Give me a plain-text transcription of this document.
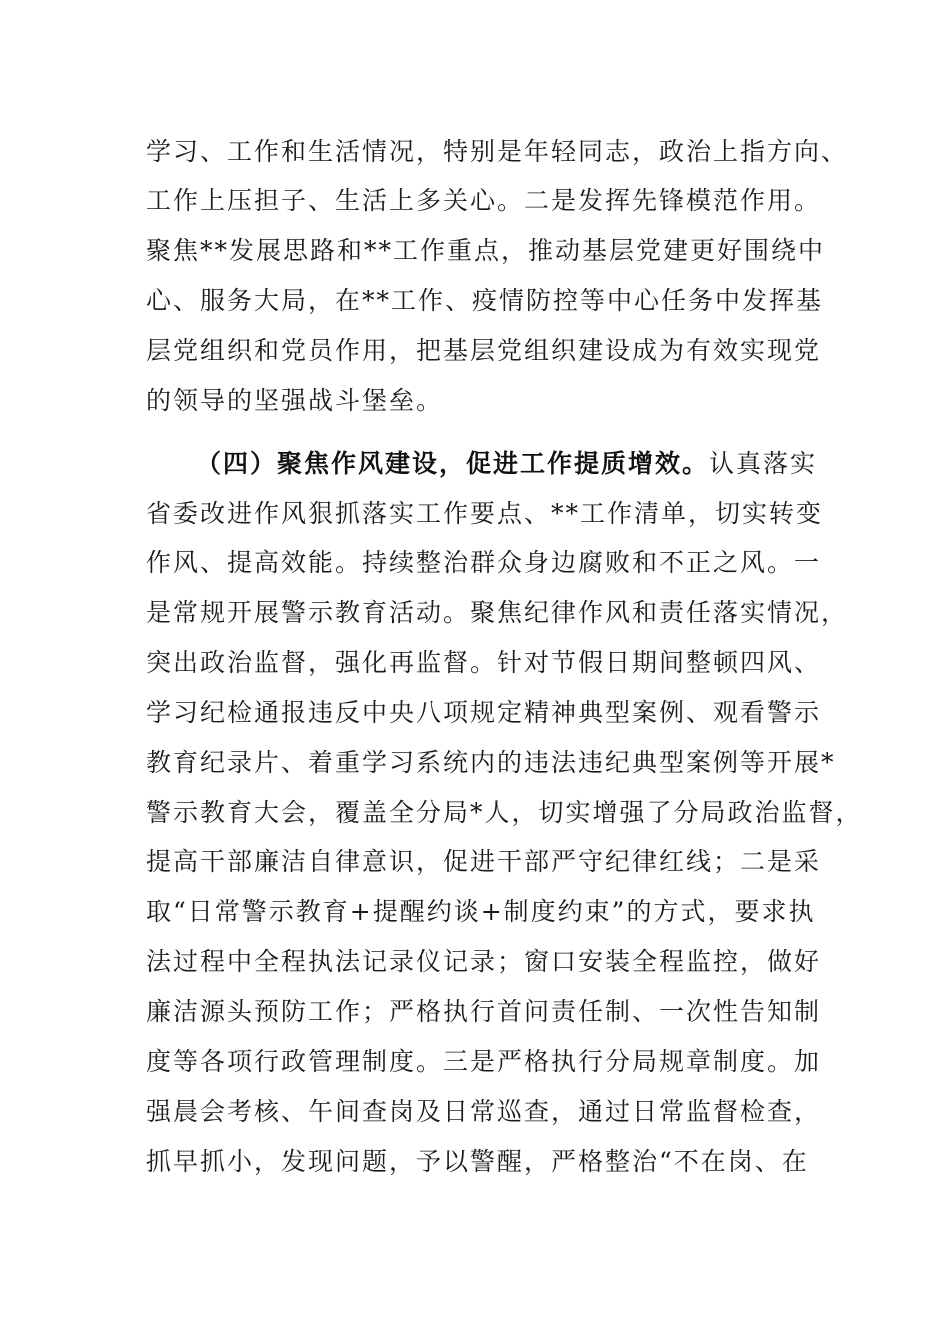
学习、工作和生活情况，特别是年轻同志，政治上指方向、
工作上压担子、生活上多关心。二是发挥先锋模范作用。
聚焦**发展思路和**工作重点，推动基层党建更好围绕中
心、服务大局，在**工作、疫情防控等中心任务中发挥基
层党组织和党员作用，把基层党组织建设成为有效实现党
的领导的坚强战斗堡垒。
（四）聚焦作风建设，促进工作提质增效。认真落实
省委改进作风狠抓落实工作要点、**工作清单，切实转变
作风、提高效能。持续整治群众身边腐败和不正之风。一
是常规开展警示教育活动。聚焦纪律作风和责任落实情况，
突出政治监督，强化再监督。针对节假日期间整顿四风、
学习纪检通报违反中央八项规定精神典型案例、观看警示
教育纪录片、着重学习系统内的违法违纪典型案例等开展*
警示教育大会，覆盖全分局*人，切实增强了分局政治监督，
提高干部廉洁自律意识，促进干部严守纪律红线；二是采
取“日常警示教育+提醒约谈+制度约束”的方式，要求执
法过程中全程执法记录仪记录；窗口安装全程监控，做好
廉洁源头预防工作；严格执行首问责任制、一次性告知制
度等各项行政管理制度。三是严格执行分局规章制度。加
强晨会考核、午间查岗及日常巡查，通过日常监督检查，
抓早抓小，发现问题，予以警醒，严格整治“不在岗、在
